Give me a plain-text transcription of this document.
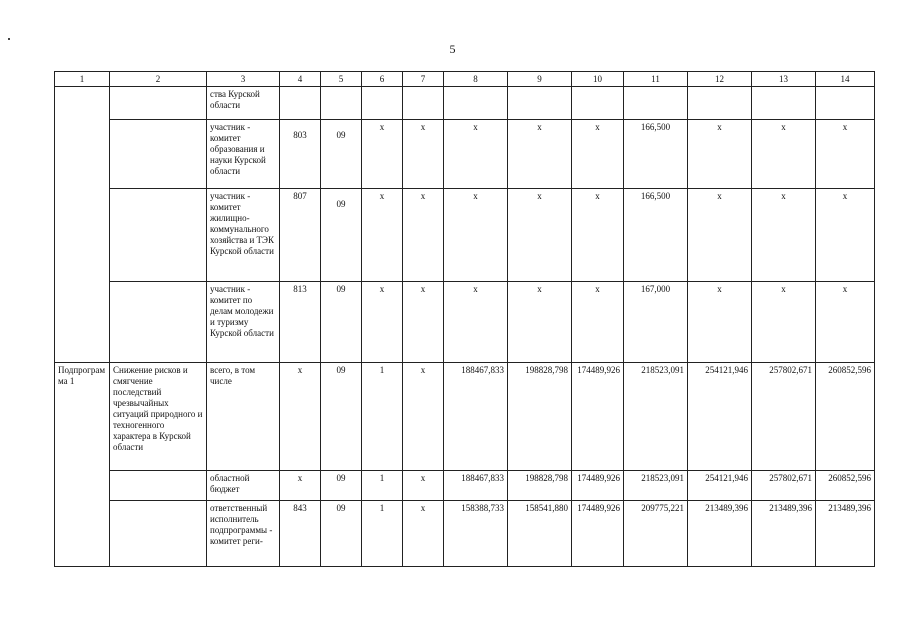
5
1	2	3	4	5	6	7	8	9	10	11	12	13	14
		ства Курской области											
		участник - комитет образования и науки Курской области	803	09	х	х	х	х	х	166,500	х	х	х
		участник - комитет жилищно-коммунального хозяйства и ТЭК Курской области	807	09	х	х	х	х	х	166,500	х	х	х
		участник - комитет по делам молодежи и туризму Курской области	813	09	х	х	х	х	х	167,000	х	х	х
Подпрограмма 1	Снижение рисков и смягчение последствий чрезвычайных ситуаций природного и техногенного характера в Курской области	всего, в том числе	х	09	1	х	188467,833	198828,798	174489,926	218523,091	254121,946	257802,671	260852,596
		областной бюджет	х	09	1	х	188467,833	198828,798	174489,926	218523,091	254121,946	257802,671	260852,596
		ответственный исполнитель подпрограммы - комитет реги-	843	09	1	х	158388,733	158541,880	174489,926	209775,221	213489,396	213489,396	213489,396
